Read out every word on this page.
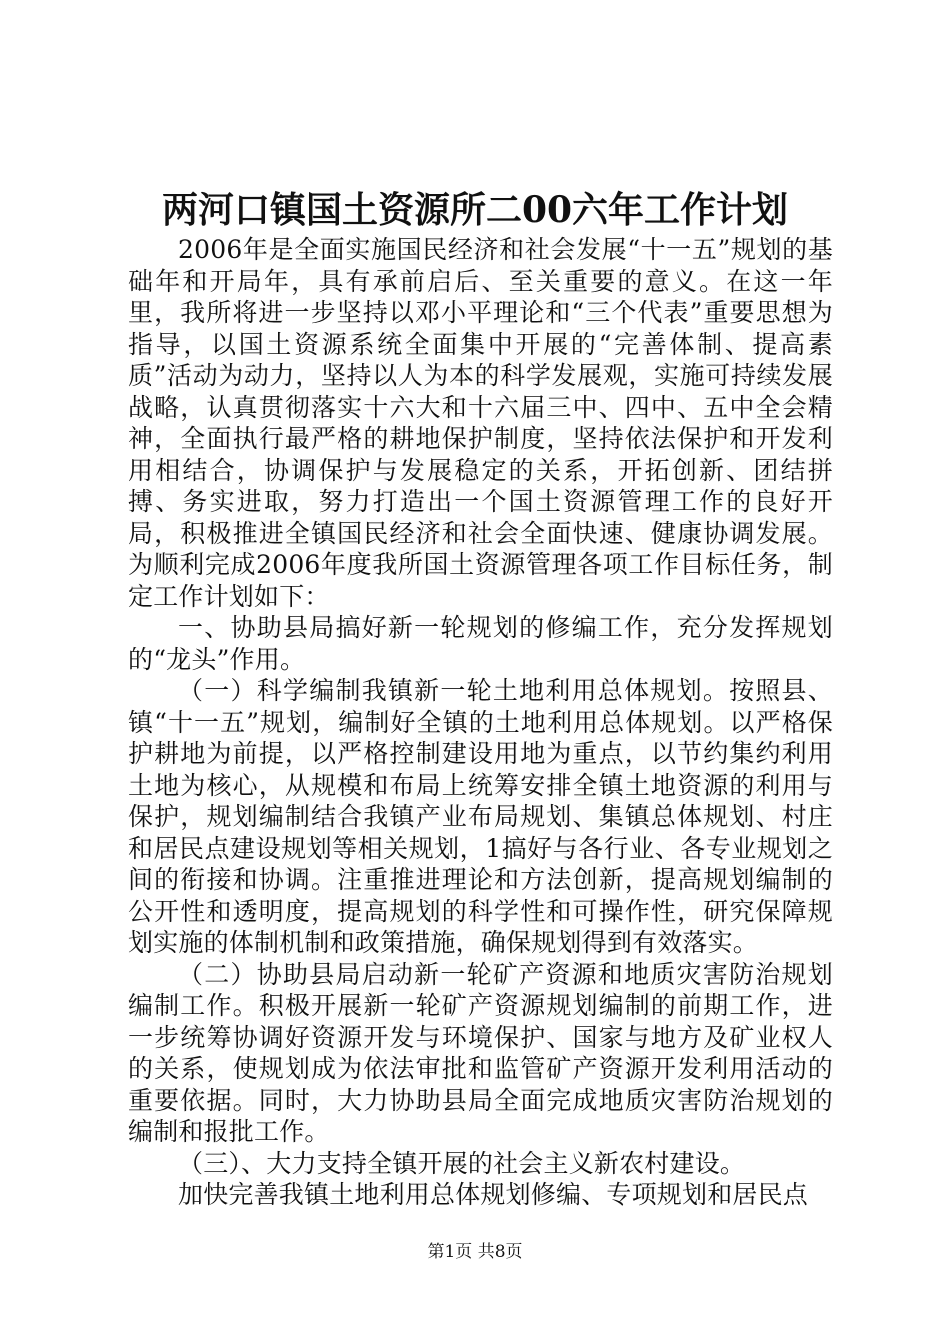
两河口镇国土资源所二00六年工作计划

2006年是全面实施国民经济和社会发展“十一五”规划的基础年和开局年，具有承前启后、至关重要的意义。在这一年里，我所将进一步坚持以邓小平理论和“三个代表”重要思想为指导，以国土资源系统全面集中开展的“完善体制、提高素质”活动为动力，坚持以人为本的科学发展观，实施可持续发展战略，认真贯彻落实十六大和十六届三中、四中、五中全会精神，全面执行最严格的耕地保护制度，坚持依法保护和开发利用相结合，协调保护与发展稳定的关系，开拓创新、团结拼搏、务实进取，努力打造出一个国土资源管理工作的良好开局，积极推进全镇国民经济和社会全面快速、健康协调发展。为顺利完成2006年度我所国土资源管理各项工作目标任务，制定工作计划如下：

一、协助县局搞好新一轮规划的修编工作，充分发挥规划的“龙头”作用。

（一）科学编制我镇新一轮土地利用总体规划。按照县、镇“十一五”规划，编制好全镇的土地利用总体规划。以严格保护耕地为前提，以严格控制建设用地为重点，以节约集约利用土地为核心，从规模和布局上统筹安排全镇土地资源的利用与保护，规划编制结合我镇产业布局规划、集镇总体规划、村庄和居民点建设规划等相关规划，1搞好与各行业、各专业规划之间的衔接和协调。注重推进理论和方法创新，提高规划编制的公开性和透明度，提高规划的科学性和可操作性，研究保障规划实施的体制机制和政策措施，确保规划得到有效落实。

（二）协助县局启动新一轮矿产资源和地质灾害防治规划编制工作。积极开展新一轮矿产资源规划编制的前期工作，进一步统筹协调好资源开发与环境保护、国家与地方及矿业权人的关系，使规划成为依法审批和监管矿产资源开发利用活动的重要依据。同时，大力协助县局全面完成地质灾害防治规划的编制和报批工作。

（三）、大力支持全镇开展的社会主义新农村建设。

加快完善我镇土地利用总体规划修编、专项规划和居民点

第1页 共8页
